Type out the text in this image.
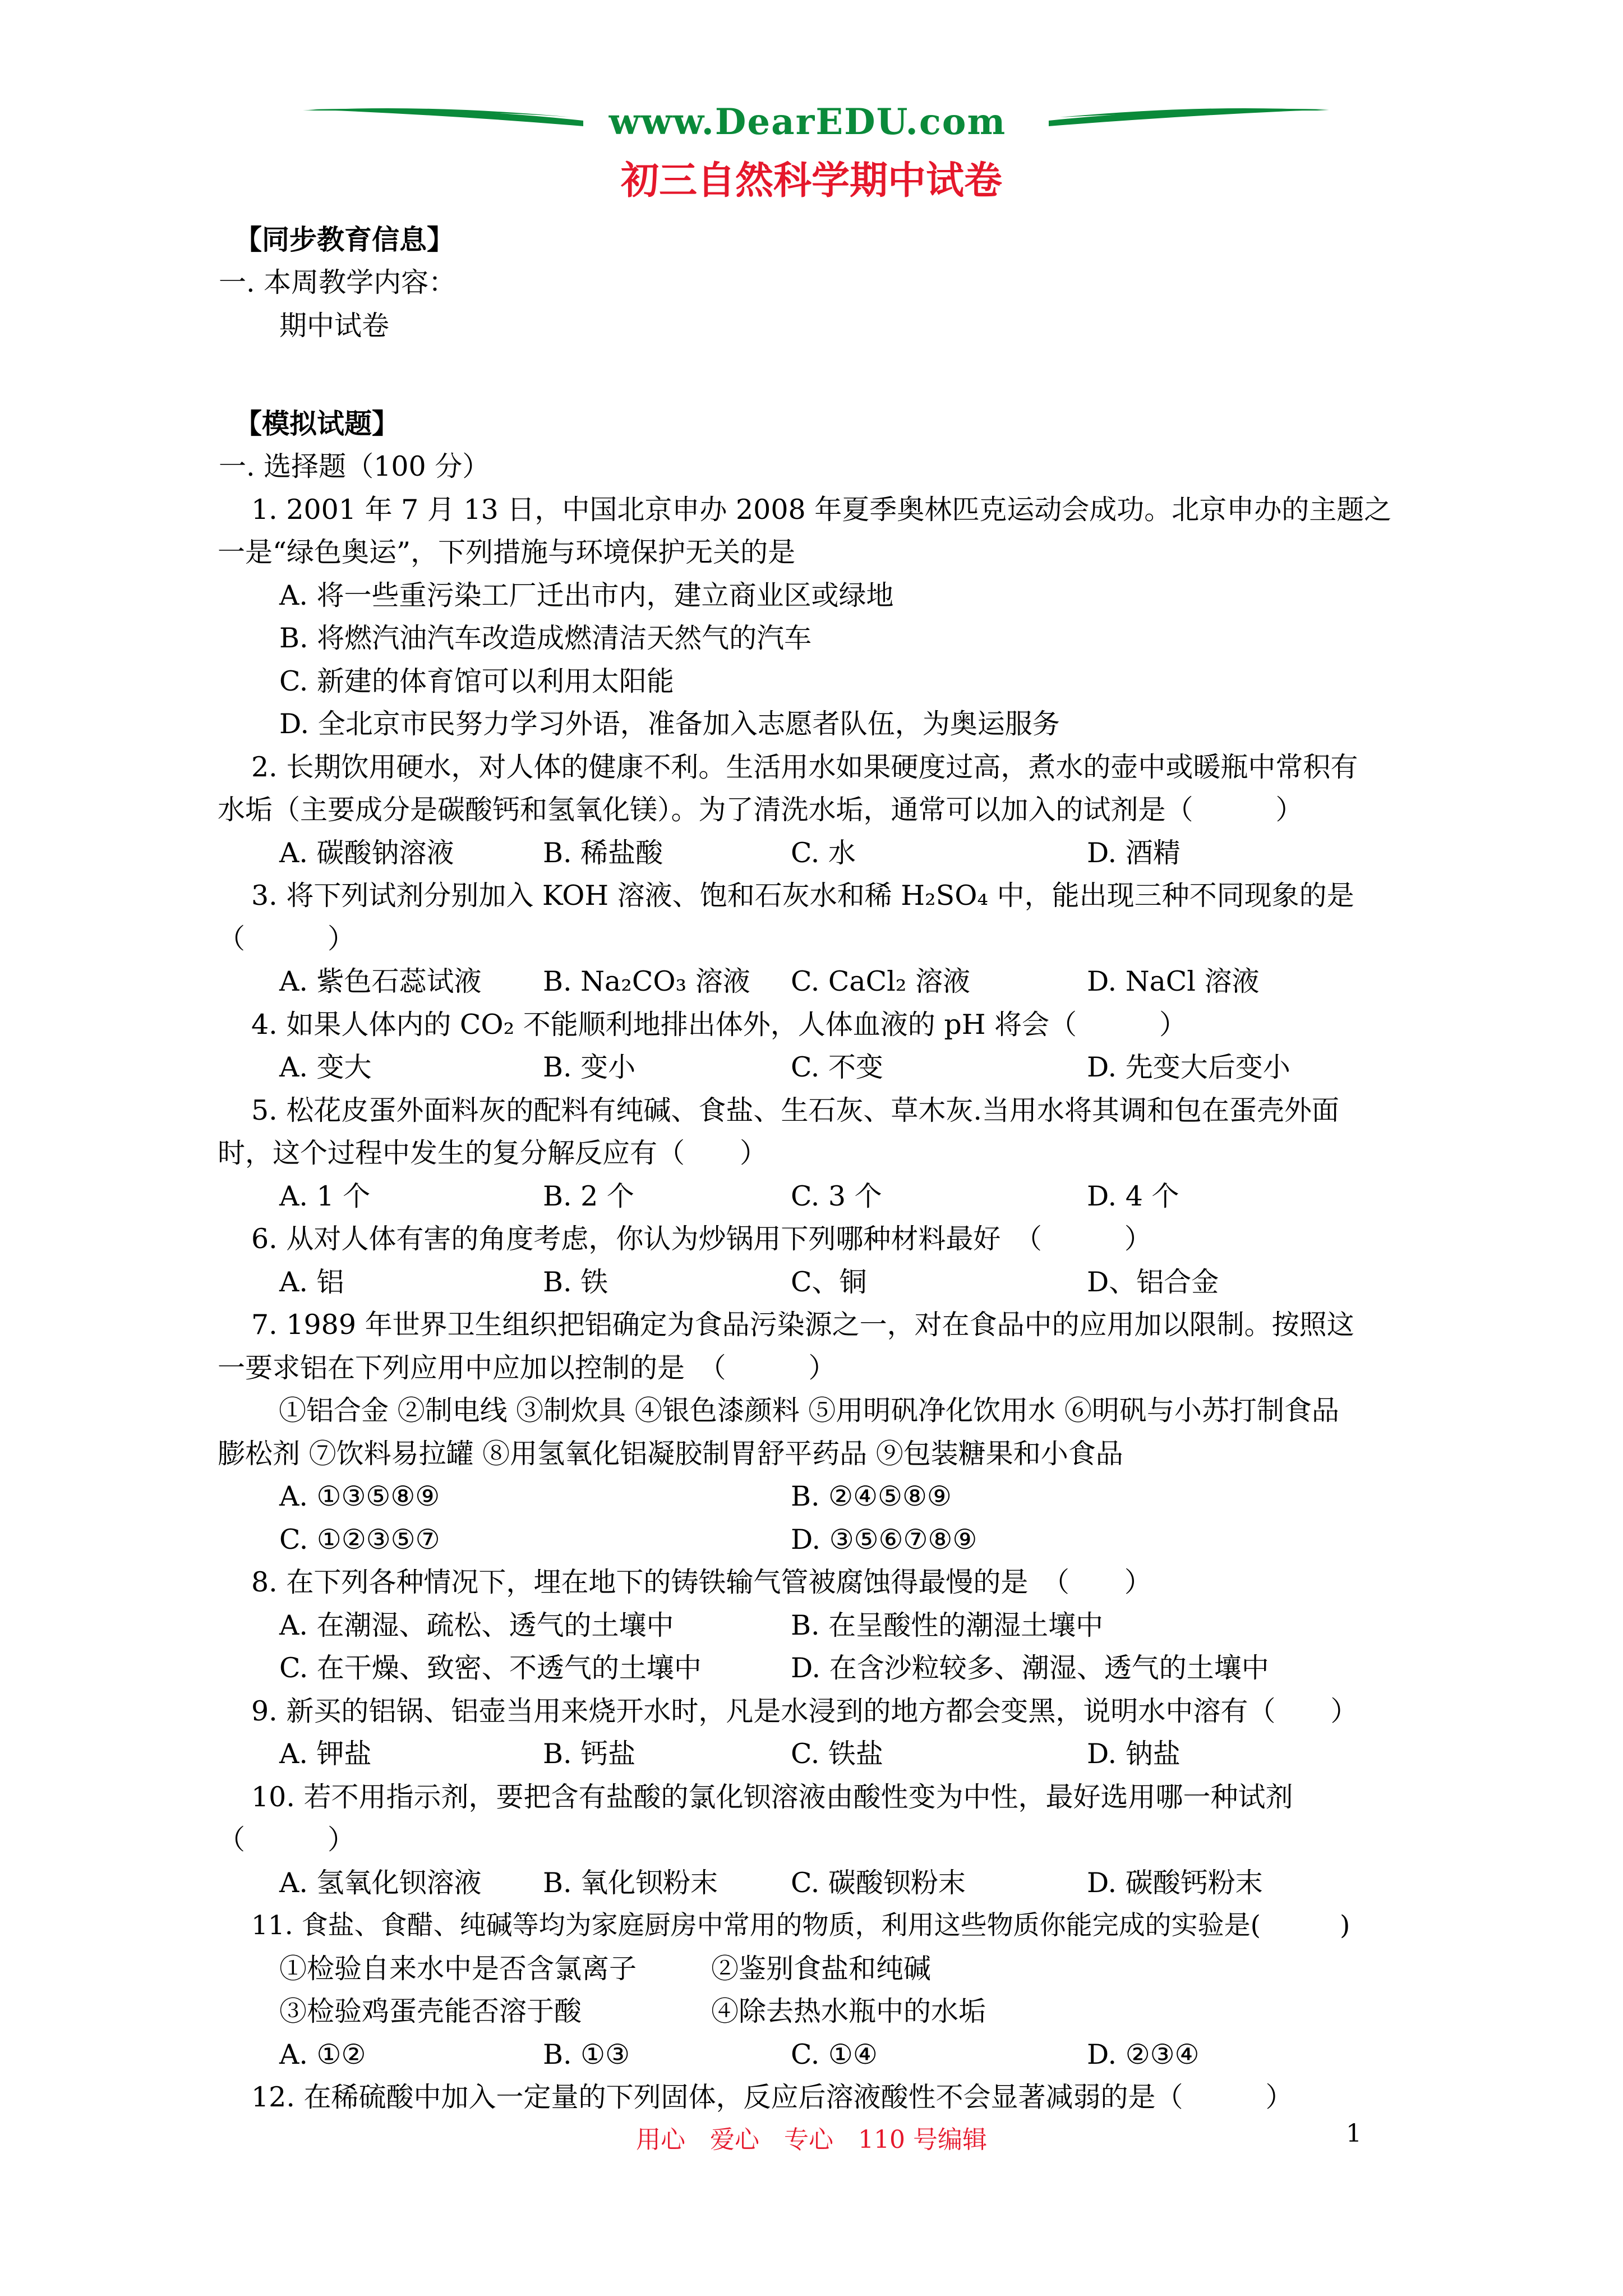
www.DearEDU.com
初三自然科学期中试卷
【同步教育信息】
一. 本周教学内容：
期中试卷
【模拟试题】
一. 选择题（100 分）
1. 2001 年 7 月 13 日，中国北京申办 2008 年夏季奥林匹克运动会成功。北京申办的主题之
一是“绿色奥运”，下列措施与环境保护无关的是
A. 将一些重污染工厂迁出市内，建立商业区或绿地
B. 将燃汽油汽车改造成燃清洁天然气的汽车
C. 新建的体育馆可以利用太阳能
D. 全北京市民努力学习外语，准备加入志愿者队伍，为奥运服务
2. 长期饮用硬水，对人体的健康不利。生活用水如果硬度过高，煮水的壶中或暖瓶中常积有
水垢（主要成分是碳酸钙和氢氧化镁）。为了清洗水垢，通常可以加入的试剂是（　　　）
A. 碳酸钠溶液	B. 稀盐酸	C. 水	D. 酒精
3. 将下列试剂分别加入 KOH 溶液、饱和石灰水和稀 H₂SO₄ 中，能出现三种不同现象的是
（　　　）
A. 紫色石蕊试液 B. Na₂CO₃ 溶液 C. CaCl₂ 溶液	D. NaCl 溶液
4. 如果人体内的 CO₂ 不能顺利地排出体外，人体血液的 pH 将会（　　　）
A. 变大	B. 变小	C. 不变	D. 先变大后变小
5. 松花皮蛋外面料灰的配料有纯碱、食盐、生石灰、草木灰.当用水将其调和包在蛋壳外面
时，这个过程中发生的复分解反应有（　　）
A. 1 个	B. 2 个	C. 3 个	D. 4 个
6. 从对人体有害的角度考虑，你认为炒锅用下列哪种材料最好　（　　　）
A. 铝	B. 铁	C、铜	D、铝合金
7. 1989 年世界卫生组织把铝确定为食品污染源之一，对在食品中的应用加以限制。按照这
一要求铝在下列应用中应加以控制的是　（　　　）
　①铝合金 ②制电线 ③制炊具 ④银色漆颜料 ⑤用明矾净化饮用水 ⑥明矾与小苏打制食品
膨松剂 ⑦饮料易拉罐 ⑧用氢氧化铝凝胶制胃舒平药品 ⑨包装糖果和小食品
A. ①③⑤⑧⑨	B. ②④⑤⑧⑨
C. ①②③⑤⑦	D. ③⑤⑥⑦⑧⑨
8. 在下列各种情况下，埋在地下的铸铁输气管被腐蚀得最慢的是　（　　）
A. 在潮湿、疏松、透气的土壤中	B. 在呈酸性的潮湿土壤中
C. 在干燥、致密、不透气的土壤中	D. 在含沙粒较多、潮湿、透气的土壤中
9. 新买的铝锅、铝壶当用来烧开水时，凡是水浸到的地方都会变黑，说明水中溶有（　　）
A. 钾盐	B. 钙盐	C. 铁盐	D. 钠盐
10. 若不用指示剂，要把含有盐酸的氯化钡溶液由酸性变为中性，最好选用哪一种试剂
（　　　）
A. 氢氧化钡溶液 B. 氧化钡粉末	C. 碳酸钡粉末	D. 碳酸钙粉末
11. 食盐、食醋、纯碱等均为家庭厨房中常用的物质，利用这些物质你能完成的实验是(　　　)
①检验自来水中是否含氯离子	②鉴别食盐和纯碱
③检验鸡蛋壳能否溶于酸	④除去热水瓶中的水垢
A. ①②	B. ①③	C. ①④	D. ②③④
12. 在稀硫酸中加入一定量的下列固体，反应后溶液酸性不会显著减弱的是（　　　）
用心　爱心　专心　110 号编辑	1
